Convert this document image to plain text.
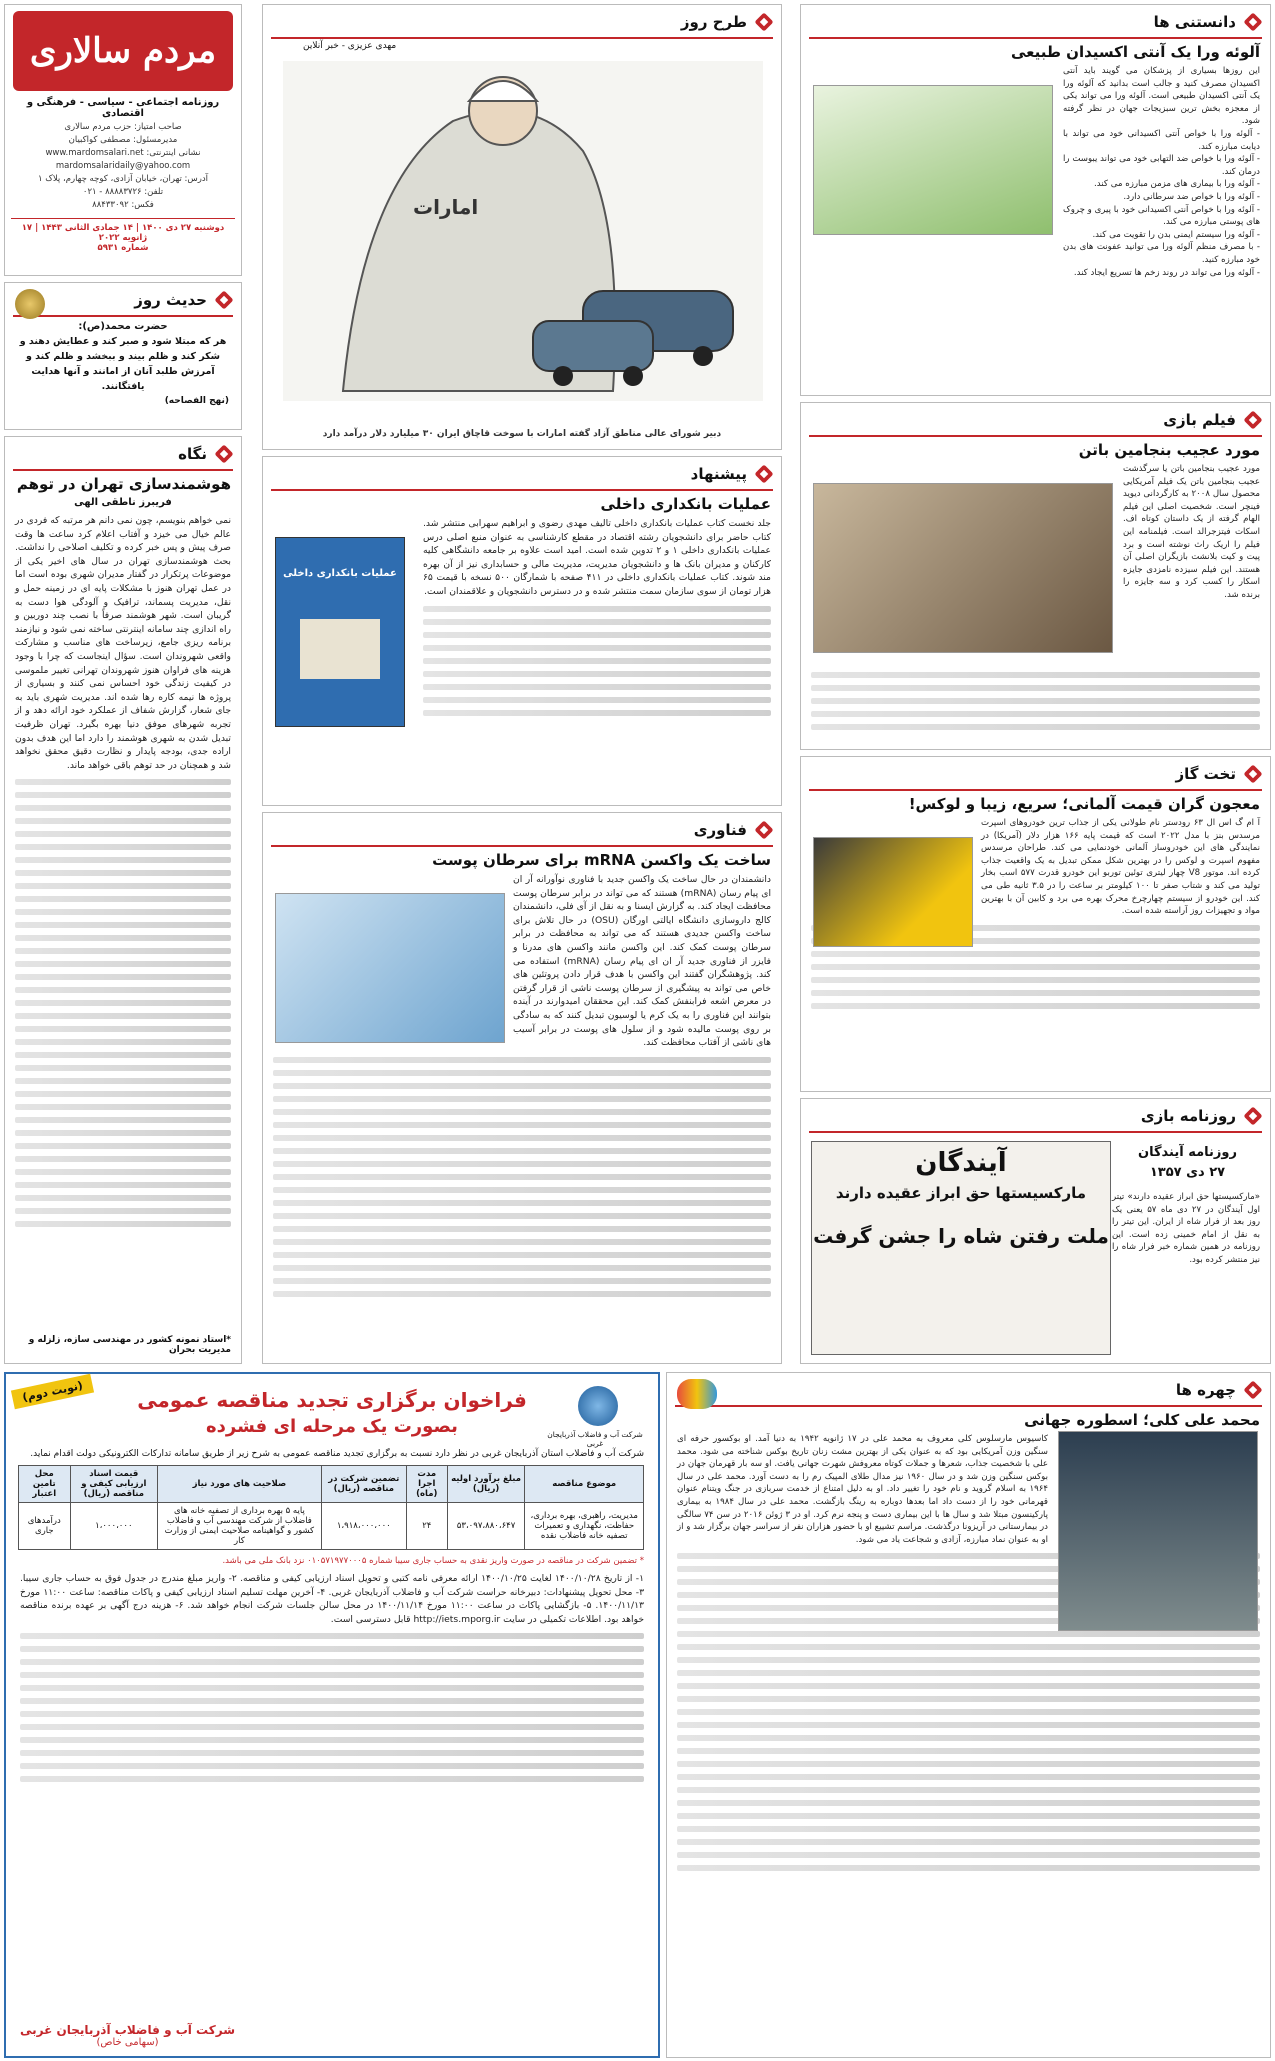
مردم سالاری
روزنامه اجتماعی - سیاسی - فرهنگی و اقتصادی
صاحب امتیاز: حزب مردم سالاری
مدیرمسئول: مصطفی کواکبیان
نشانی اینترنتی: www.mardomsalari.net
mardomsalaridaily@yahoo.com
آدرس: تهران، خیابان آزادی، کوچه چهارم، پلاک ۱
تلفن: ۸۸۸۸۳۷۲۶ - ۰۲۱
فکس: ۸۸۴۳۳۰۹۲
دوشنبه ۲۷ دی ۱۴۰۰ | ۱۴ جمادی الثانی ۱۴۴۳ | ۱۷ ژانویه ۲۰۲۲
شماره ۵۹۳۱
حدیث روز
حضرت محمد(ص):
هر که مبتلا شود و صبر کند و عطایش دهند و شکر کند و ظلم بیند و ببخشد و ظلم کند و آمرزش طلبد آنان از امانند و آنها هدایت یافتگانند.
(نهج الفصاحه)
نگاه
هوشمندسازی تهران در توهم
فریبرز ناطقی الهی
نمی خواهم بنویسم، چون نمی دانم هر مرتبه که فردی در عالم خیال می خیزد و آفتاب اعلام کرد ساعت ها وقت صرف پیش و پس خبر کرده و تکلیف اصلاحی را نداشت. بحث هوشمندسازی تهران در سال های اخیر یکی از موضوعات پرتکرار در گفتار مدیران شهری بوده است اما در عمل تهران هنوز با مشکلات پایه ای در زمینه حمل و نقل، مدیریت پسماند، ترافیک و آلودگی هوا دست به گریبان است. شهر هوشمند صرفاً با نصب چند دوربین و راه اندازی چند سامانه اینترنتی ساخته نمی شود و نیازمند برنامه ریزی جامع، زیرساخت های مناسب و مشارکت واقعی شهروندان است. سؤال اینجاست که چرا با وجود هزینه های فراوان هنوز شهروندان تهرانی تغییر ملموسی در کیفیت زندگی خود احساس نمی کنند و بسیاری از پروژه ها نیمه کاره رها شده اند. مدیریت شهری باید به جای شعار، گزارش شفاف از عملکرد خود ارائه دهد و از تجربه شهرهای موفق دنیا بهره بگیرد. تهران ظرفیت تبدیل شدن به شهری هوشمند را دارد اما این هدف بدون اراده جدی، بودجه پایدار و نظارت دقیق محقق نخواهد شد و همچنان در حد توهم باقی خواهد ماند.
*استاد نمونه کشور در مهندسی سازه، زلزله و مدیریت بحران
طرح روز
مهدی عزیزی - خبر آنلاین
امارات
دبیر شورای عالی مناطق آزاد گفته امارات با سوخت قاچاق ایران ۳۰ میلیارد دلار درآمد دارد
پیشنهاد
عملیات بانکداری داخلی
عملیات بانکداری داخلی
جلد نخست کتاب عملیات بانکداری داخلی تالیف مهدی رضوی و ابراهیم سهرابی منتشر شد. کتاب حاضر برای دانشجویان رشته اقتصاد در مقطع کارشناسی به عنوان منبع اصلی درس عملیات بانکداری داخلی ۱ و ۲ تدوین شده است. امید است علاوه بر جامعه دانشگاهی کلیه کارکنان و مدیران بانک ها و دانشجویان مدیریت، مدیریت مالی و حسابداری نیز از آن بهره مند شوند. کتاب عملیات بانکداری داخلی در ۴۱۱ صفحه با شمارگان ۵۰۰ نسخه با قیمت ۶۵ هزار تومان از سوی سازمان سمت منتشر شده و در دسترس دانشجویان و علاقمندان است.
فناوری
ساخت یک واکسن mRNA برای سرطان پوست
دانشمندان در حال ساخت یک واکسن جدید با فناوری نوآورانه آر ان ای پیام رسان (mRNA) هستند که می تواند در برابر سرطان پوست محافظت ایجاد کند. به گزارش ایسنا و به نقل از آی فلی، دانشمندان کالج داروسازی دانشگاه ایالتی اورگان (OSU) در حال تلاش برای ساخت واکسن جدیدی هستند که می تواند به محافظت در برابر سرطان پوست کمک کند. این واکسن مانند واکسن های مدرنا و فایزر از فناوری جدید آر ان ای پیام رسان (mRNA) استفاده می کند. پژوهشگران گفتند این واکسن با هدف قرار دادن پروتئین های خاص می تواند به پیشگیری از سرطان پوست ناشی از قرار گرفتن در معرض اشعه فرابنفش کمک کند. این محققان امیدوارند در آینده بتوانند این فناوری را به یک کرم یا لوسیون تبدیل کنند که به سادگی بر روی پوست مالیده شود و از سلول های پوست در برابر آسیب های ناشی از آفتاب محافظت کند.
دانستنی ها
آلوئه ورا یک آنتی اکسیدان طبیعی
این روزها بسیاری از پزشکان می گویند باید آنتی اکسیدان مصرف کنید و جالب است بدانید که آلوئه ورا یک آنتی اکسیدان طبیعی است. آلوئه ورا می تواند یکی از معجزه بخش ترین سبزیجات جهان در نظر گرفته شود.
- آلوئه ورا با خواص آنتی اکسیدانی خود می تواند با دیابت مبارزه کند.
- آلوئه ورا با خواص ضد التهابی خود می تواند یبوست را درمان کند.
- آلوئه ورا با بیماری های مزمن مبارزه می کند.
- آلوئه ورا با خواص ضد سرطانی دارد.
- آلوئه ورا با خواص آنتی اکسیدانی خود با پیری و چروک های پوستی مبارزه می کند.
- آلوئه ورا سیستم ایمنی بدن را تقویت می کند.
- با مصرف منظم آلوئه ورا می توانید عفونت های بدن خود مبارزه کنید.
- آلوئه ورا می تواند در روند زخم ها تسریع ایجاد کند.
فیلم بازی
مورد عجیب بنجامین باتن
مورد عجیب بنجامین باتن یا سرگذشت عجیب بنجامین باتن یک فیلم آمریکایی محصول سال ۲۰۰۸ به کارگردانی دیوید فینچر است. شخصیت اصلی این فیلم الهام گرفته از یک داستان کوتاه اف. اسکات فیتزجرالد است. فیلمنامه این فیلم را اریک راث نوشته است و برد پیت و کیت بلانشت بازیگران اصلی آن هستند. این فیلم سیزده نامزدی جایزه اسکار را کسب کرد و سه جایزه را برنده شد.
تخت گاز
معجون گران قیمت آلمانی؛ سریع، زیبا و لوکس!
آ ام گ اس ال ۶۳ رودستر نام طولانی یکی از جذاب ترین خودروهای اسپرت مرسدس بنز با مدل ۲۰۲۲ است که قیمت پایه ۱۶۶ هزار دلار (آمریکا) در نمایندگی های این خودروساز آلمانی خودنمایی می کند. طراحان مرسدس مفهوم اسپرت و لوکس را در بهترین شکل ممکن تبدیل به یک واقعیت جذاب کرده اند. موتور V8 چهار لیتری توئین توربو این خودرو قدرت ۵۷۷ اسب بخار تولید می کند و شتاب صفر تا ۱۰۰ کیلومتر بر ساعت را در ۳.۵ ثانیه طی می کند. این خودرو از سیستم چهارچرخ محرک بهره می برد و کابین آن با بهترین مواد و تجهیزات روز آراسته شده است.
روزنامه بازی
آیندگان
مارکسیستها حق ابراز عقیده دارند
ملت رفتن شاه را جشن گرفت
روزنامه آیندگان
۲۷ دی ۱۳۵۷
«مارکسیستها حق ابراز عقیده دارند» تیتر اول آیندگان در ۲۷ دی ماه ۵۷ یعنی یک روز بعد از فرار شاه از ایران. این تیتر را به نقل از امام خمینی زده است. این روزنامه در همین شماره خبر فرار شاه را نیز منتشر کرده بود.
(نوبت دوم)
شرکت آب و فاضلاب آذربایجان غربی
فراخوان برگزاری تجدید مناقصه عمومی
بصورت یک مرحله ای فشرده
شرکت آب و فاضلاب استان آذربایجان غربی در نظر دارد نسبت به برگزاری تجدید مناقصه عمومی به شرح زیر از طریق سامانه تدارکات الکترونیکی دولت اقدام نماید.
موضوع مناقصه	مبلغ برآورد اولیه (ریال)	مدت اجرا (ماه)	تضمین شرکت در مناقصه (ریال)	صلاحیت های مورد نیاز	قیمت اسناد ارزیابی کیفی و مناقصه (ریال)	محل تامین اعتبار
مدیریت، راهبری، بهره برداری، حفاظت، نگهداری و تعمیرات تصفیه خانه فاضلاب نقده	۵۳،۰۹۷،۸۸۰،۶۴۷	۲۴	۱،۹۱۸،۰۰۰،۰۰۰	پایه ۵ بهره برداری از تصفیه خانه های فاضلاب از شرکت مهندسی آب و فاضلاب کشور و گواهینامه صلاحیت ایمنی از وزارت کار	۱،۰۰۰،۰۰۰	درآمدهای جاری
* تضمین شرکت در مناقصه در صورت واریز نقدی به حساب جاری سیبا شماره ۰۱۰۵۷۱۹۷۷۰۰۰۵ نزد بانک ملی می باشد.
۱- از تاریخ ۱۴۰۰/۱۰/۲۸ لغایت ۱۴۰۰/۱۰/۲۵ ارائه معرفی نامه کتبی و تحویل اسناد ارزیابی کیفی و مناقصه. ۲- واریز مبلغ مندرج در جدول فوق به حساب جاری سیبا. ۳- محل تحویل پیشنهادات: دبیرخانه حراست شرکت آب و فاضلاب آذربایجان غربی. ۴- آخرین مهلت تسلیم اسناد ارزیابی کیفی و پاکات مناقصه: ساعت ۱۱:۰۰ مورخ ۱۴۰۰/۱۱/۱۳. ۵- بازگشایی پاکات در ساعت ۱۱:۰۰ مورخ ۱۴۰۰/۱۱/۱۴ در محل سالن جلسات شرکت انجام خواهد شد. ۶- هزینه درج آگهی بر عهده برنده مناقصه خواهد بود. اطلاعات تکمیلی در سایت http://iets.mporg.ir قابل دسترسی است.
شرکت آب و فاضلاب آذربایجان غربی
(سهامی خاص)
چهره ها
محمد علی کلی؛ اسطوره جهانی
کاسیوس مارسلوس کلی معروف به محمد علی در ۱۷ ژانویه ۱۹۴۲ به دنیا آمد. او بوکسور حرفه ای سنگین وزن آمریکایی بود که به عنوان یکی از بهترین مشت زنان تاریخ بوکس شناخته می شود. محمد علی با شخصیت جذاب، شعرها و جملات کوتاه معروفش شهرت جهانی یافت. او سه بار قهرمان جهان در بوکس سنگین وزن شد و در سال ۱۹۶۰ نیز مدال طلای المپیک رم را به دست آورد. محمد علی در سال ۱۹۶۴ به اسلام گروید و نام خود را تغییر داد. او به دلیل امتناع از خدمت سربازی در جنگ ویتنام عنوان قهرمانی خود را از دست داد اما بعدها دوباره به رینگ بازگشت. محمد علی در سال ۱۹۸۴ به بیماری پارکینسون مبتلا شد و سال ها با این بیماری دست و پنجه نرم کرد. او در ۳ ژوئن ۲۰۱۶ در سن ۷۴ سالگی در بیمارستانی در آریزونا درگذشت. مراسم تشییع او با حضور هزاران نفر از سراسر جهان برگزار شد و از او به عنوان نماد مبارزه، آزادی و شجاعت یاد می شود.
